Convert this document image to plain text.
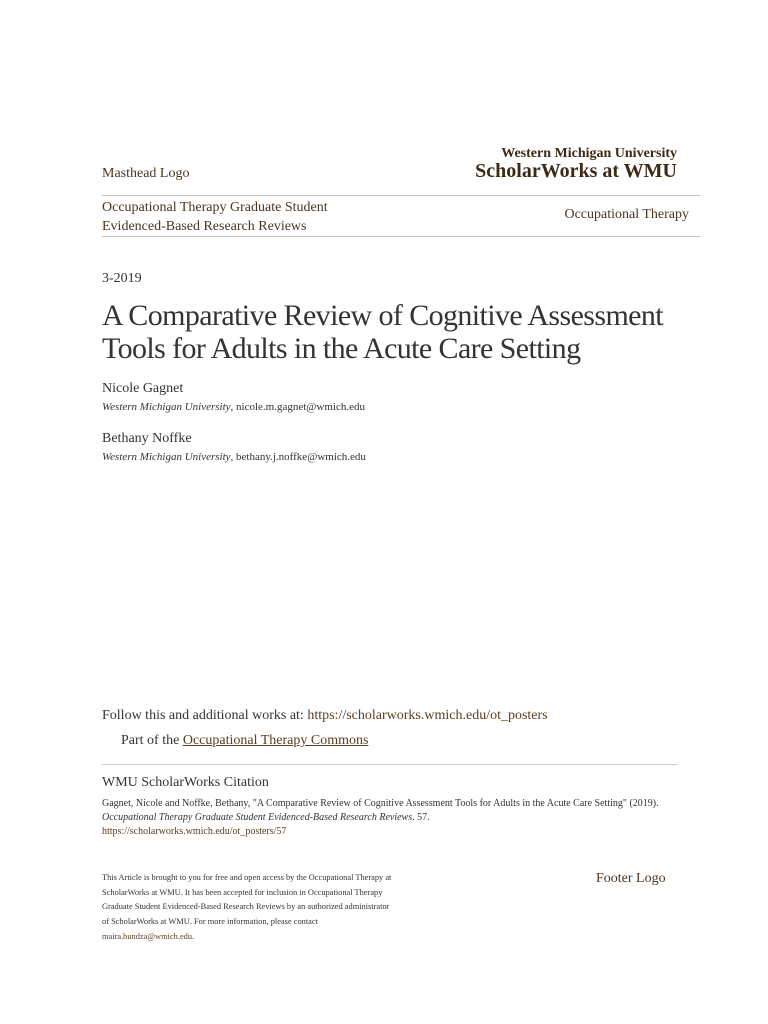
Masthead Logo
Western Michigan University
ScholarWorks at WMU
Occupational Therapy Graduate Student
Evidenced-Based Research Reviews
Occupational Therapy
3-2019
A Comparative Review of Cognitive Assessment Tools for Adults in the Acute Care Setting
Nicole Gagnet
Western Michigan University, nicole.m.gagnet@wmich.edu
Bethany Noffke
Western Michigan University, bethany.j.noffke@wmich.edu
Follow this and additional works at: https://scholarworks.wmich.edu/ot_posters
Part of the Occupational Therapy Commons
WMU ScholarWorks Citation
Gagnet, Nicole and Noffke, Bethany, "A Comparative Review of Cognitive Assessment Tools for Adults in the Acute Care Setting" (2019). Occupational Therapy Graduate Student Evidenced-Based Research Reviews. 57.
https://scholarworks.wmich.edu/ot_posters/57
This Article is brought to you for free and open access by the Occupational Therapy at ScholarWorks at WMU. It has been accepted for inclusion in Occupational Therapy Graduate Student Evidenced-Based Research Reviews by an authorized administrator of ScholarWorks at WMU. For more information, please contact maira.bundza@wmich.edu.
Footer Logo
